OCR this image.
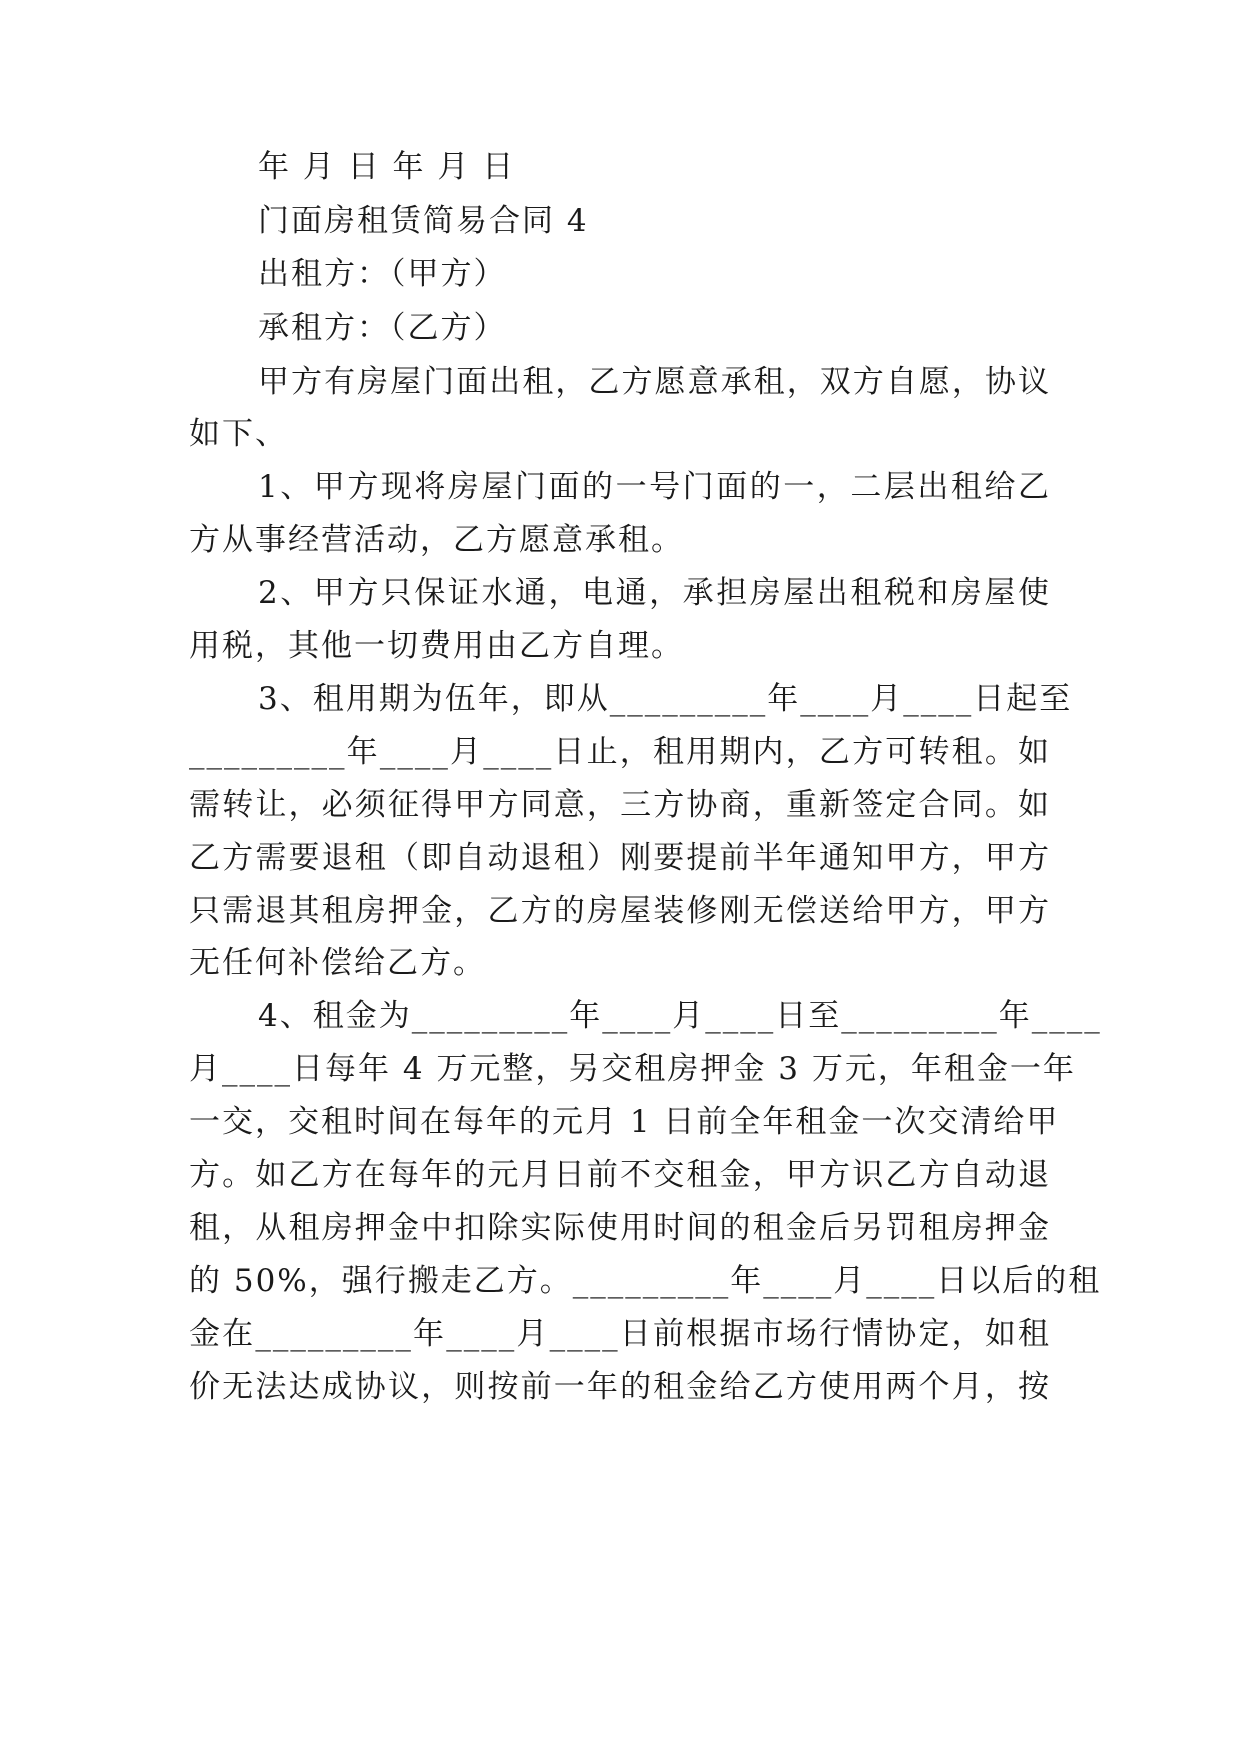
年 月 日 年 月 日
门面房租赁简易合同 4
出租方：（甲方）
承租方：（乙方）
甲方有房屋门面出租，乙方愿意承租，双方自愿，协议
如下、
1、甲方现将房屋门面的一号门面的一，二层出租给乙
方从事经营活动，乙方愿意承租。
2、甲方只保证水通，电通，承担房屋出租税和房屋使
用税，其他一切费用由乙方自理。
3、租用期为伍年，即从_________年____月____日起至
_________年____月____日止，租用期内，乙方可转租。如
需转让，必须征得甲方同意，三方协商，重新签定合同。如
乙方需要退租（即自动退租）刚要提前半年通知甲方，甲方
只需退其租房押金，乙方的房屋装修刚无偿送给甲方，甲方
无任何补偿给乙方。
4、租金为_________年____月____日至_________年____
月____日每年 4 万元整，另交租房押金 3 万元，年租金一年
一交，交租时间在每年的元月 1 日前全年租金一次交清给甲
方。如乙方在每年的元月日前不交租金，甲方识乙方自动退
租，从租房押金中扣除实际使用时间的租金后另罚租房押金
的 50%，强行搬走乙方。_________年____月____日以后的租
金在_________年____月____日前根据市场行情协定，如租
价无法达成协议，则按前一年的租金给乙方使用两个月，按
